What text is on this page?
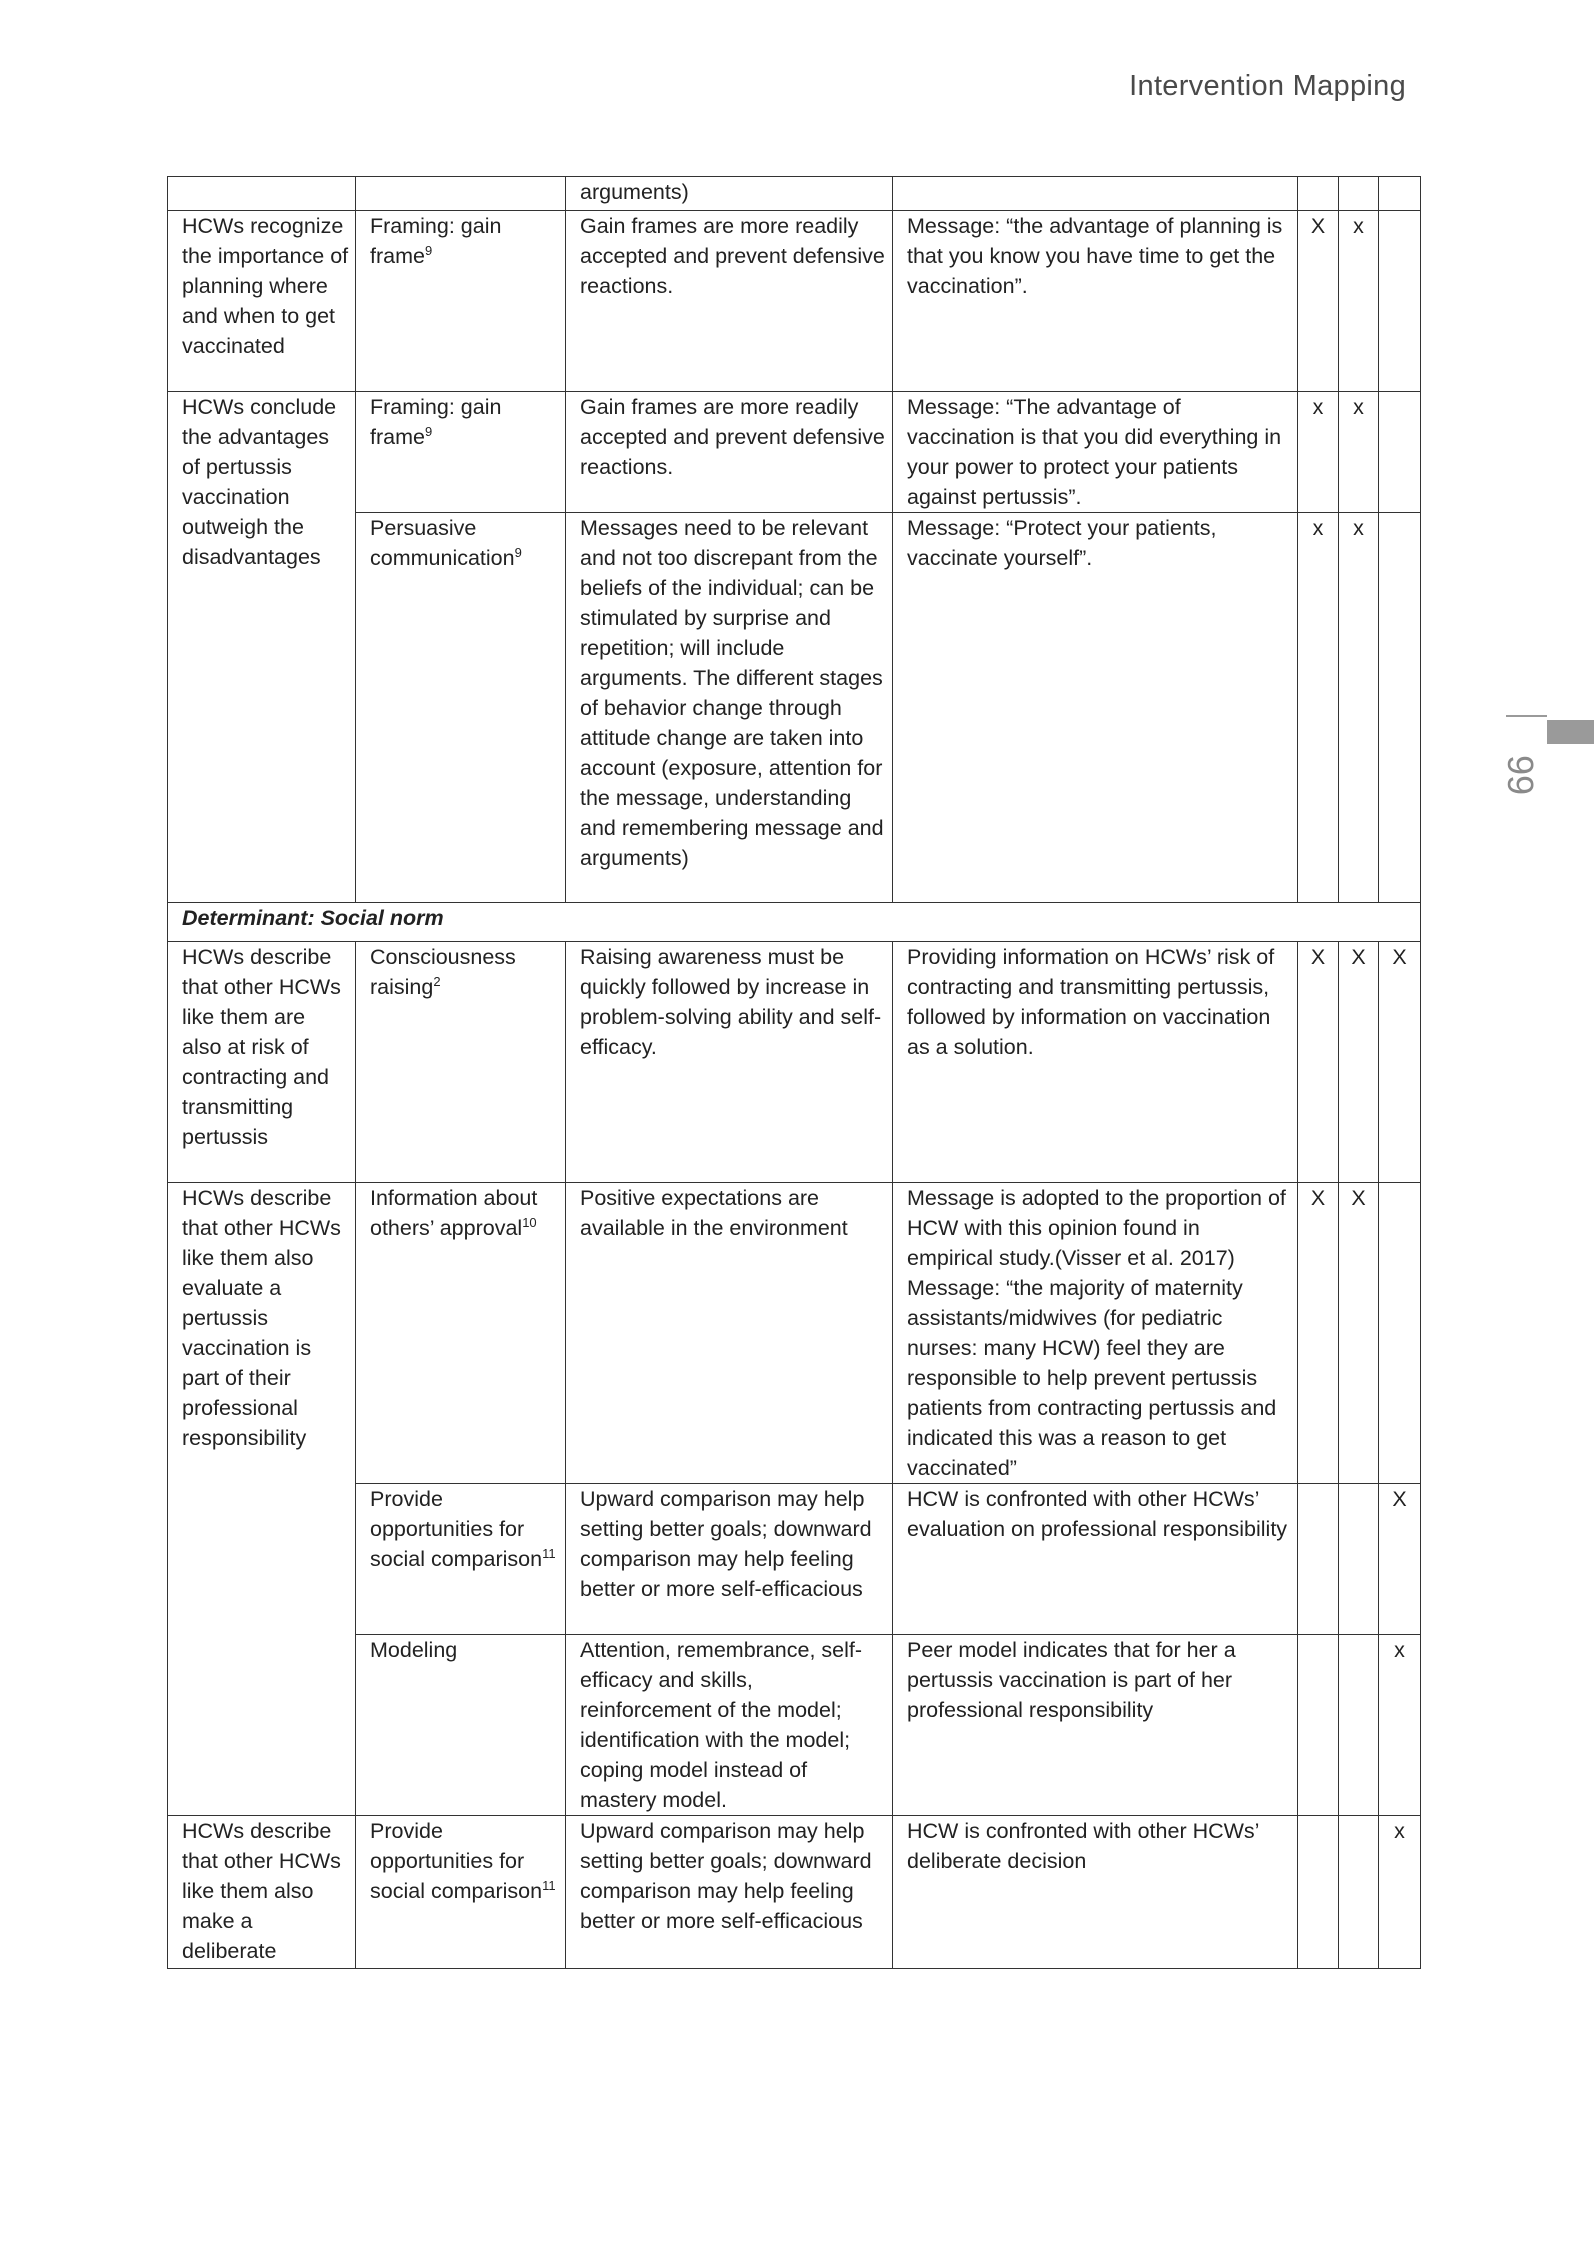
Intervention Mapping
99
		arguments)				
HCWs recognize the importance of planning where and when to get vaccinated	Framing: gain frame$^9$	Gain frames are more readily accepted and prevent defensive reactions.	Message: “the advantage of planning is that you know you have time to get the vaccination”.	X	x	
HCWs conclude the advantages of pertussis vaccination outweigh the disadvantages	Framing: gain frame$^9$	Gain frames are more readily accepted and prevent defensive reactions.	Message: “The advantage of vaccination is that you did everything in your power to protect your patients against pertussis”.	x	x	
	Persuasive communication$^9$	Messages need to be relevant and not too discrepant from the beliefs of the individual; can be stimulated by surprise and repetition; will include arguments. The different stages of behavior change through attitude change are taken into account (exposure, attention for the message, understanding and remembering message and arguments)	Message: “Protect your patients, vaccinate yourself”.	x	x	
Determinant: Social norm						
HCWs describe that other HCWs like them are also at risk of contracting and transmitting pertussis	Consciousness raising$^2$	Raising awareness must be quickly followed by increase in problem-solving ability and self-efficacy.	Providing information on HCWs’ risk of contracting and transmitting pertussis, followed by information on vaccination as a solution.	X	X	X
HCWs describe that other HCWs like them also evaluate a pertussis vaccination is part of their professional responsibility	Information about others’ approval$^{10}$	Positive expectations are available in the environment	Message is adopted to the proportion of HCW with this opinion found in empirical study.(Visser et al. 2017) Message: “the majority of maternity assistants/midwives (for pediatric nurses: many HCW) feel they are responsible to help prevent pertussis patients from contracting pertussis and indicated this was a reason to get vaccinated”	X	X	
	Provide opportunities for social comparison$^{11}$	Upward comparison may help setting better goals; downward comparison may help feeling better or more self-efficacious	HCW is confronted with other HCWs’ evaluation on professional responsibility			X
	Modeling	Attention, remembrance, self-efficacy and skills, reinforcement of the model; identification with the model; coping model instead of mastery model.	Peer model indicates that for her a pertussis vaccination is part of her professional responsibility			x
HCWs describe that other HCWs like them also make a deliberate	Provide opportunities for social comparison$^{11}$	Upward comparison may help setting better goals; downward comparison may help feeling better or more self-efficacious	HCW is confronted with other HCWs’ deliberate decision			x
